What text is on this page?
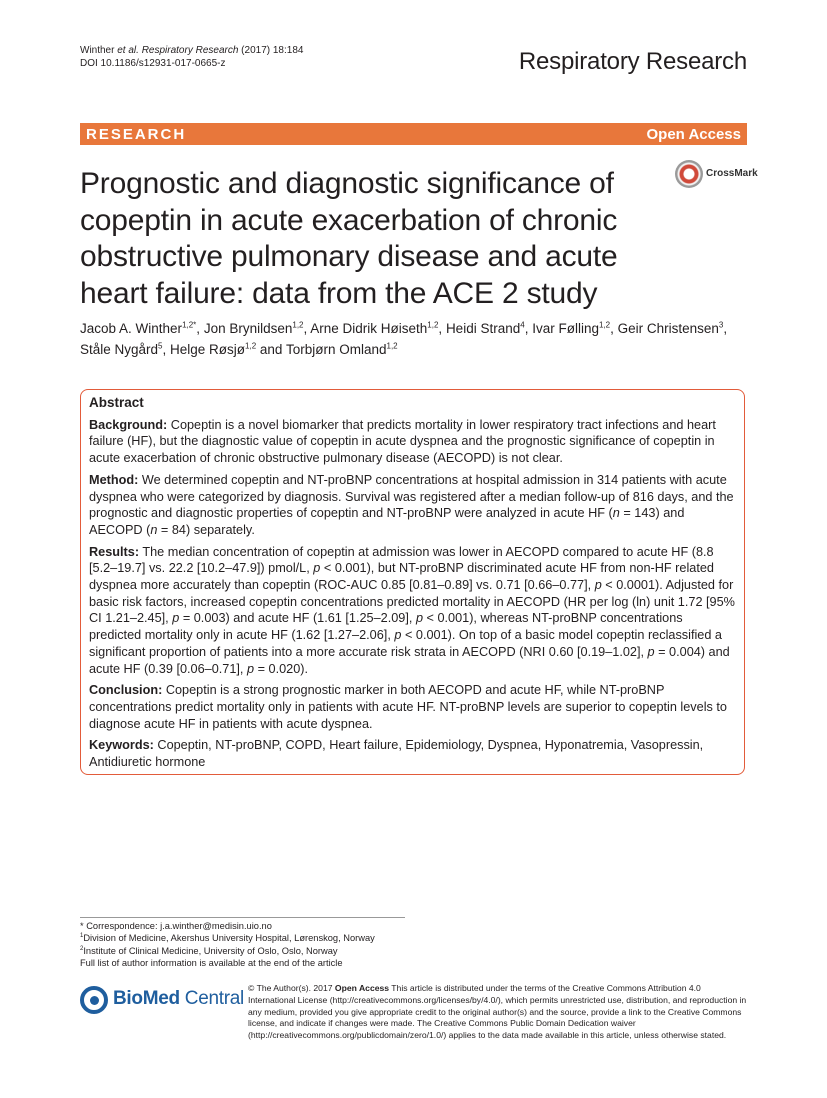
Winther et al. Respiratory Research (2017) 18:184
DOI 10.1186/s12931-017-0665-z	Respiratory Research
RESEARCH	Open Access
Prognostic and diagnostic significance of copeptin in acute exacerbation of chronic obstructive pulmonary disease and acute heart failure: data from the ACE 2 study
CrossMark
Jacob A. Winther$^{1,2*}$, Jon Brynildsen$^{1,2}$, Arne Didrik Høiseth$^{1,2}$, Heidi Strand$^4$, Ivar Følling$^{1,2}$, Geir Christensen$^3$, Ståle Nygård$^5$, Helge Røsjø$^{1,2}$ and Torbjørn Omland$^{1,2}$
Abstract

Background: Copeptin is a novel biomarker that predicts mortality in lower respiratory tract infections and heart failure (HF), but the diagnostic value of copeptin in acute dyspnea and the prognostic significance of copeptin in acute exacerbation of chronic obstructive pulmonary disease (AECOPD) is not clear.

Method: We determined copeptin and NT-proBNP concentrations at hospital admission in 314 patients with acute dyspnea who were categorized by diagnosis. Survival was registered after a median follow-up of 816 days, and the prognostic and diagnostic properties of copeptin and NT-proBNP were analyzed in acute HF (n = 143) and AECOPD (n = 84) separately.

Results: The median concentration of copeptin at admission was lower in AECOPD compared to acute HF (8.8 [5.2–19.7] vs. 22.2 [10.2–47.9]) pmol/L, p < 0.001), but NT-proBNP discriminated acute HF from non-HF related dyspnea more accurately than copeptin (ROC-AUC 0.85 [0.81–0.89] vs. 0.71 [0.66–0.77], p < 0.0001). Adjusted for basic risk factors, increased copeptin concentrations predicted mortality in AECOPD (HR per log (ln) unit 1.72 [95% CI 1.21–2.45], p = 0.003) and acute HF (1.61 [1.25–2.09], p < 0.001), whereas NT-proBNP concentrations predicted mortality only in acute HF (1.62 [1.27–2.06], p < 0.001). On top of a basic model copeptin reclassified a significant proportion of patients into a more accurate risk strata in AECOPD (NRI 0.60 [0.19–1.02], p = 0.004) and acute HF (0.39 [0.06–0.71], p = 0.020).

Conclusion: Copeptin is a strong prognostic marker in both AECOPD and acute HF, while NT-proBNP concentrations predict mortality only in patients with acute HF. NT-proBNP levels are superior to copeptin levels to diagnose acute HF in patients with acute dyspnea.

Keywords: Copeptin, NT-proBNP, COPD, Heart failure, Epidemiology, Dyspnea, Hyponatremia, Vasopressin, Antidiuretic hormone

* Correspondence: j.a.winther@medisin.uio.no
$^1$Division of Medicine, Akershus University Hospital, Lørenskog, Norway
$^2$Institute of Clinical Medicine, University of Oslo, Oslo, Norway
Full list of author information is available at the end of the article
BioMed Central © The Author(s). 2017 Open Access This article is distributed under the terms of the Creative Commons Attribution 4.0 International License (http://creativecommons.org/licenses/by/4.0/), which permits unrestricted use, distribution, and reproduction in any medium, provided you give appropriate credit to the original author(s) and the source, provide a link to the Creative Commons license, and indicate if changes were made. The Creative Commons Public Domain Dedication waiver (http://creativecommons.org/publicdomain/zero/1.0/) applies to the data made available in this article, unless otherwise stated.
